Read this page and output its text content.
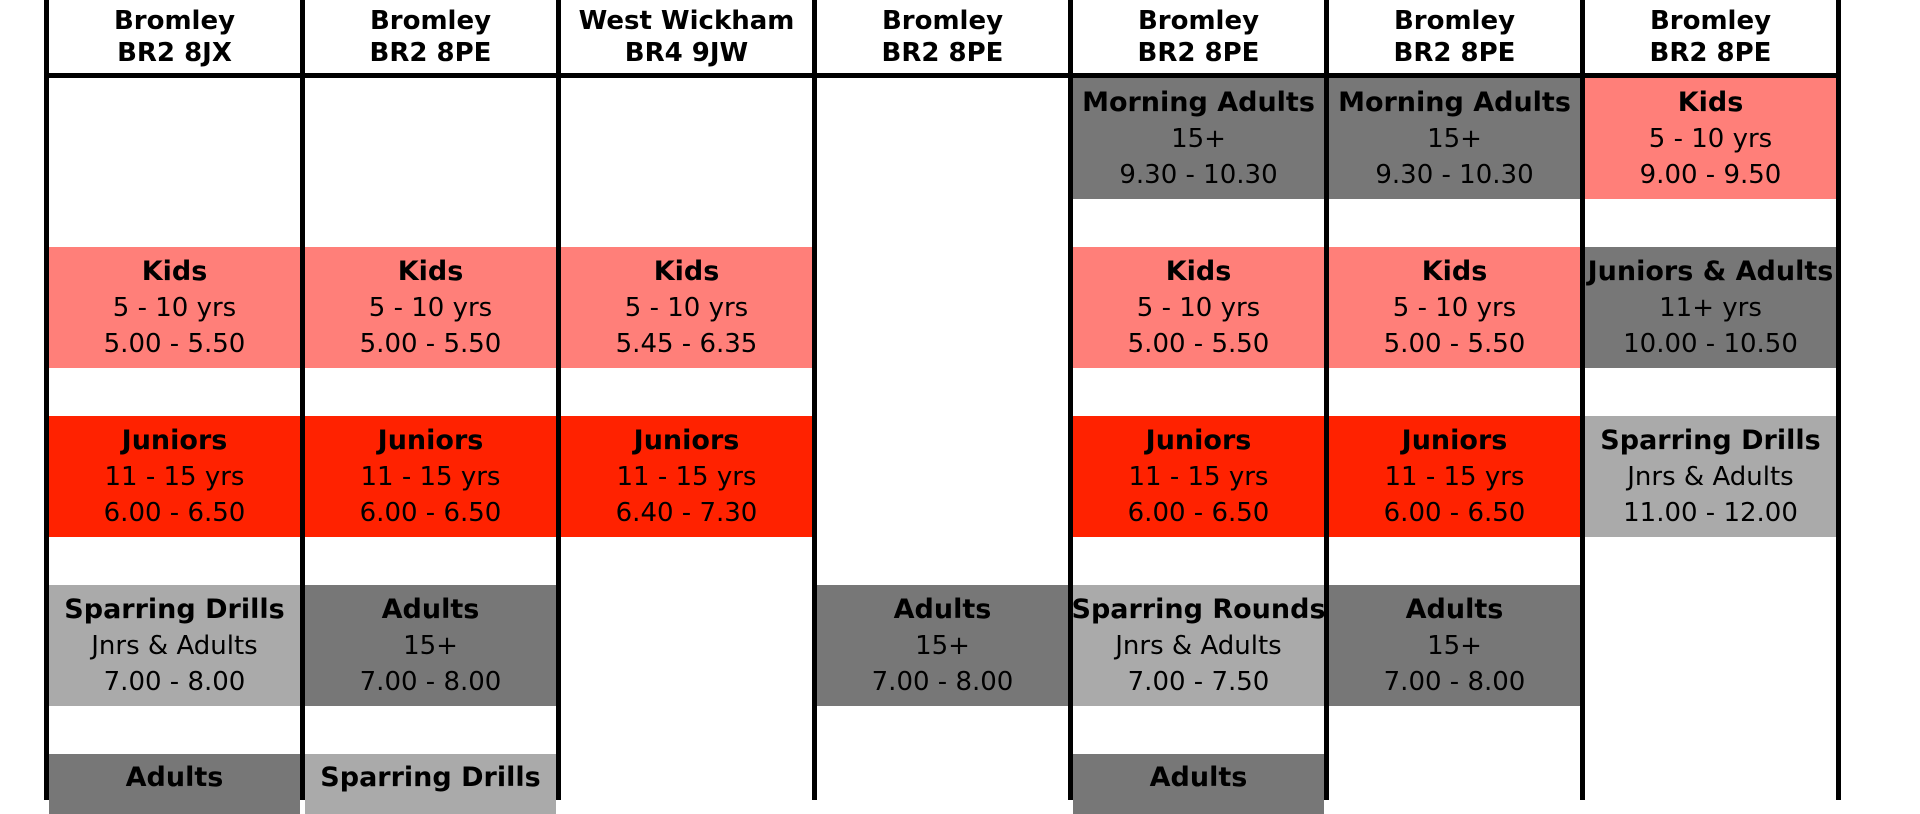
Bromley
BR2 8JX
Kids
5 - 10 yrs
5.00 - 5.50
Juniors
11 - 15 yrs
6.00 - 6.50
Sparring Drills
Jnrs & Adults
7.00 - 8.00
Adults
Bromley
BR2 8PE
Kids
5 - 10 yrs
5.00 - 5.50
Juniors
11 - 15 yrs
6.00 - 6.50
Adults
15+
7.00 - 8.00
Sparring Drills
West Wickham
BR4 9JW
Kids
5 - 10 yrs
5.45 - 6.35
Juniors
11 - 15 yrs
6.40 - 7.30
Bromley
BR2 8PE
Adults
15+
7.00 - 8.00
Bromley
BR2 8PE
Morning Adults
15+
9.30 - 10.30
Kids
5 - 10 yrs
5.00 - 5.50
Juniors
11 - 15 yrs
6.00 - 6.50
Sparring Rounds
Jnrs & Adults
7.00 - 7.50
Adults
Bromley
BR2 8PE
Morning Adults
15+
9.30 - 10.30
Kids
5 - 10 yrs
5.00 - 5.50
Juniors
11 - 15 yrs
6.00 - 6.50
Adults
15+
7.00 - 8.00
Bromley
BR2 8PE
Kids
5 - 10 yrs
9.00 - 9.50
Juniors & Adults
11+ yrs
10.00 - 10.50
Sparring Drills
Jnrs & Adults
11.00 - 12.00
